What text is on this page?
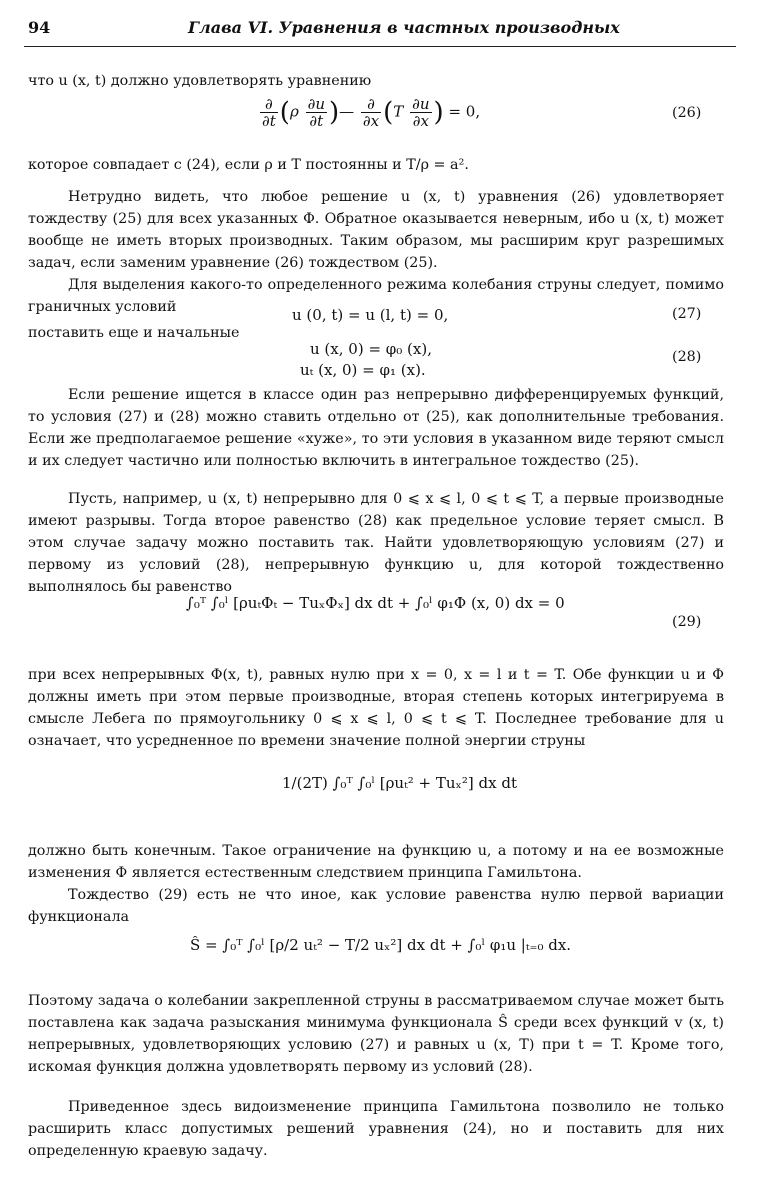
94	Глава VI. Уравнения в частных производных

что u (x, t) должно удовлетворять уравнению

$\frac{\partial}{\partial t} (\rho \frac{\partial u}{\partial t}$ )— $\frac{\partial}{\partial x} (T \frac{\partial u}{\partial x}$ ) = 0,	(26)

которое совпадает с (24), если ρ и T постоянны и T/ρ = a².

Нетрудно видеть, что любое решение u (x, t) уравнения (26) удовлетворяет тождеству (25) для всех указанных Φ. Обратное оказывается неверным, ибо u (x, t) может вообще не иметь вторых производных. Таким образом, мы расширим круг разрешимых задач, если заменим уравнение (26) тождеством (25).

Для выделения какого-то определенного режима колебания струны следует, помимо граничных условий	u (0, t) = u (l, t) = 0,	(27)

поставить еще и начальные

u (x, 0) = φ₀ (x),
uₜ (x, 0) = φ₁ (x).
(28)

Если решение ищется в классе один раз непрерывно дифференцируемых функций, то условия (27) и (28) можно ставить отдельно от (25), как дополнительные требования. Если же предполагаемое решение «хуже», то эти условия в указанном виде теряют смысл и их следует частично или полностью включить в интегральное тождество (25).

Пусть, например, u (x, t) непрерывно для 0 ⩽ x ⩽ l, 0 ⩽ t ⩽ T, а первые производные имеют разрывы. Тогда второе равенство (28) как предельное условие теряет смысл. В этом случае задачу можно поставить так. Найти удовлетворяющую условиям (27) и первому из условий (28), непрерывную функцию u, для которой тождественно выполнялось бы равенство

∫₀ᵀ ∫₀ˡ [ρuₜΦₜ − TuₓΦₓ] dx dt + ∫₀ˡ φ₁Φ (x, 0) dx = 0
(29)

при всех непрерывных Φ(x, t), равных нулю при x = 0, x = l и t = T. Обе функции u и Φ должны иметь при этом первые производные, вторая степень которых интегрируема в смысле Лебега по прямоугольнику 0 ⩽ x ⩽ l, 0 ⩽ t ⩽ T. Последнее требование для u означает, что усредненное по времени значение полной энергии струны

1/(2T) ∫₀ᵀ ∫₀ˡ [ρuₜ² + Tuₓ²] dx dt

должно быть конечным. Такое ограничение на функцию u, а потому и на ее возможные изменения Φ является естественным следствием принципа Гамильтона.

Тождество (29) есть не что иное, как условие равенства нулю первой вариации функционала

Ŝ = ∫₀ᵀ ∫₀ˡ [ρ/2 uₜ² − T/2 uₓ²] dx dt + ∫₀ˡ φ₁u |ₜ₌₀ dx.

Поэтому задача о колебании закрепленной струны в рассматриваемом случае может быть поставлена как задача разыскания минимума функционала Ŝ среди всех функций v (x, t) непрерывных, удовлетворяющих условию (27) и равных u (x, T) при t = T. Кроме того, искомая функция должна удовлетворять первому из условий (28).

Приведенное здесь видоизменение принципа Гамильтона позволило не только расширить класс допустимых решений уравнения (24), но и поставить для них определенную краевую задачу.
